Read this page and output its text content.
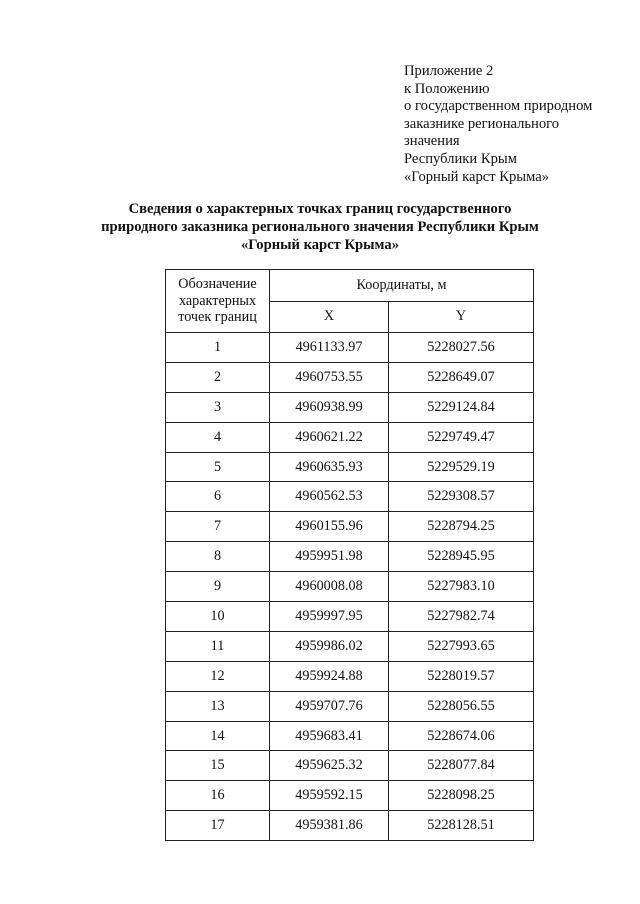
Приложение 2
к Положению
о государственном природном
заказнике регионального
значения
Республики Крым
«Горный карст Крыма»
Сведения о характерных точках границ государственного
природного заказника регионального значения Республики Крым
«Горный карст Крыма»
Обозначение
характерных
точек границ	Координаты, м	
	X	Y
1	4961133.97	5228027.56
2	4960753.55	5228649.07
3	4960938.99	5229124.84
4	4960621.22	5229749.47
5	4960635.93	5229529.19
6	4960562.53	5229308.57
7	4960155.96	5228794.25
8	4959951.98	5228945.95
9	4960008.08	5227983.10
10	4959997.95	5227982.74
11	4959986.02	5227993.65
12	4959924.88	5228019.57
13	4959707.76	5228056.55
14	4959683.41	5228674.06
15	4959625.32	5228077.84
16	4959592.15	5228098.25
17	4959381.86	5228128.51
